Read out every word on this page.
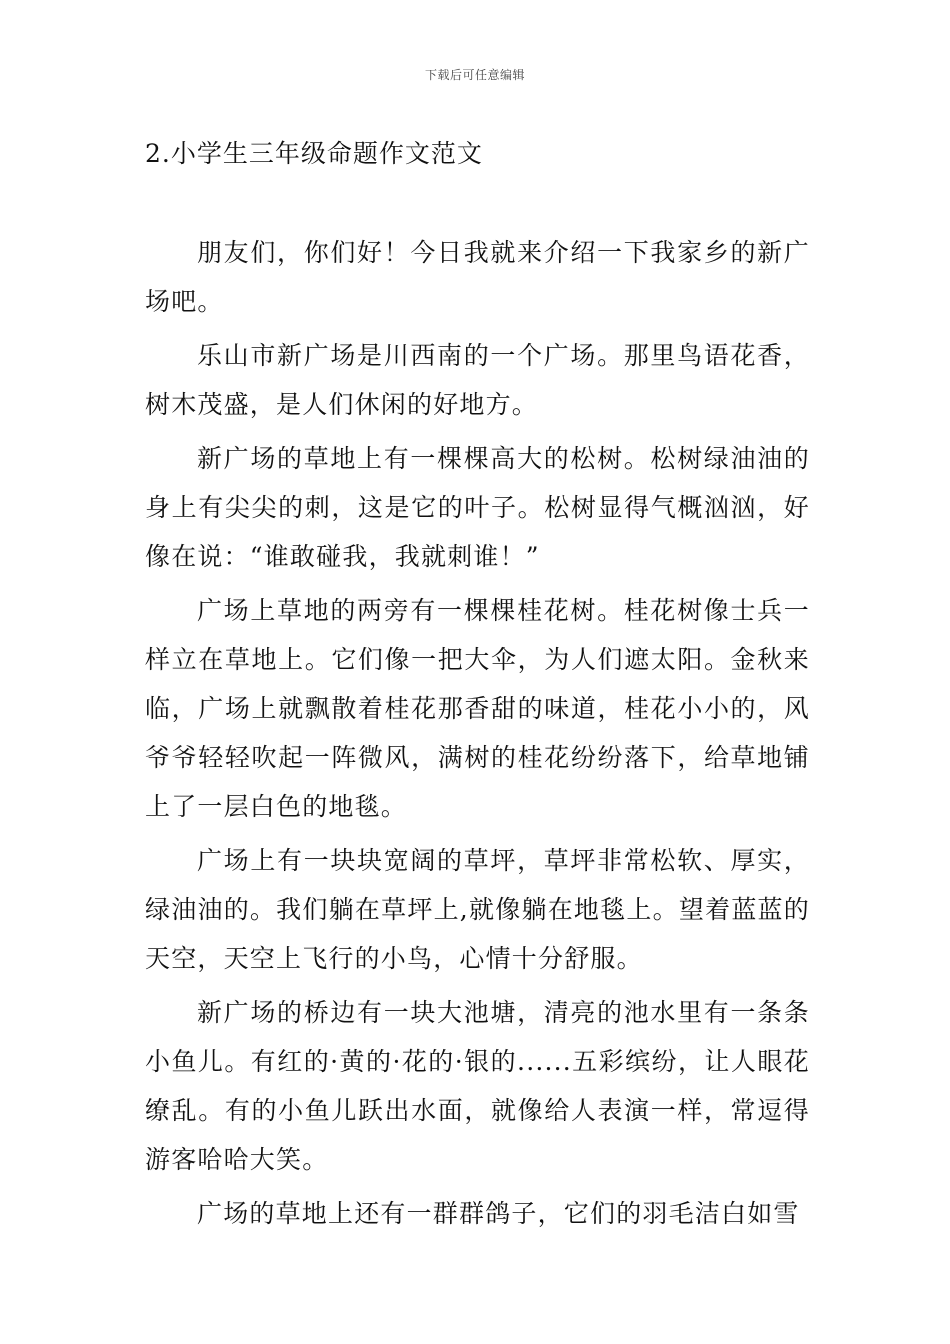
下载后可任意编辑
2.小学生三年级命题作文范文

朋友们，你们好！今日我就来介绍一下我家乡的新广场吧。

乐山市新广场是川西南的一个广场。那里鸟语花香，树木茂盛，是人们休闲的好地方。

新广场的草地上有一棵棵高大的松树。松树绿油油的身上有尖尖的刺，这是它的叶子。松树显得气概汹汹，好像在说：“谁敢碰我，我就刺谁！”

广场上草地的两旁有一棵棵桂花树。桂花树像士兵一样立在草地上。它们像一把大伞，为人们遮太阳。金秋来临，广场上就飘散着桂花那香甜的味道，桂花小小的，风爷爷轻轻吹起一阵微风，满树的桂花纷纷落下，给草地铺上了一层白色的地毯。

广场上有一块块宽阔的草坪，草坪非常松软、厚实，绿油油的。我们躺在草坪上,就像躺在地毯上。望着蓝蓝的天空，天空上飞行的小鸟，心情十分舒服。

新广场的桥边有一块大池塘，清亮的池水里有一条条小鱼儿。有红的·黄的·花的·银的......五彩缤纷，让人眼花缭乱。有的小鱼儿跃出水面，就像给人表演一样，常逗得游客哈哈大笑。

广场的草地上还有一群群鸽子，它们的羽毛洁白如雪
